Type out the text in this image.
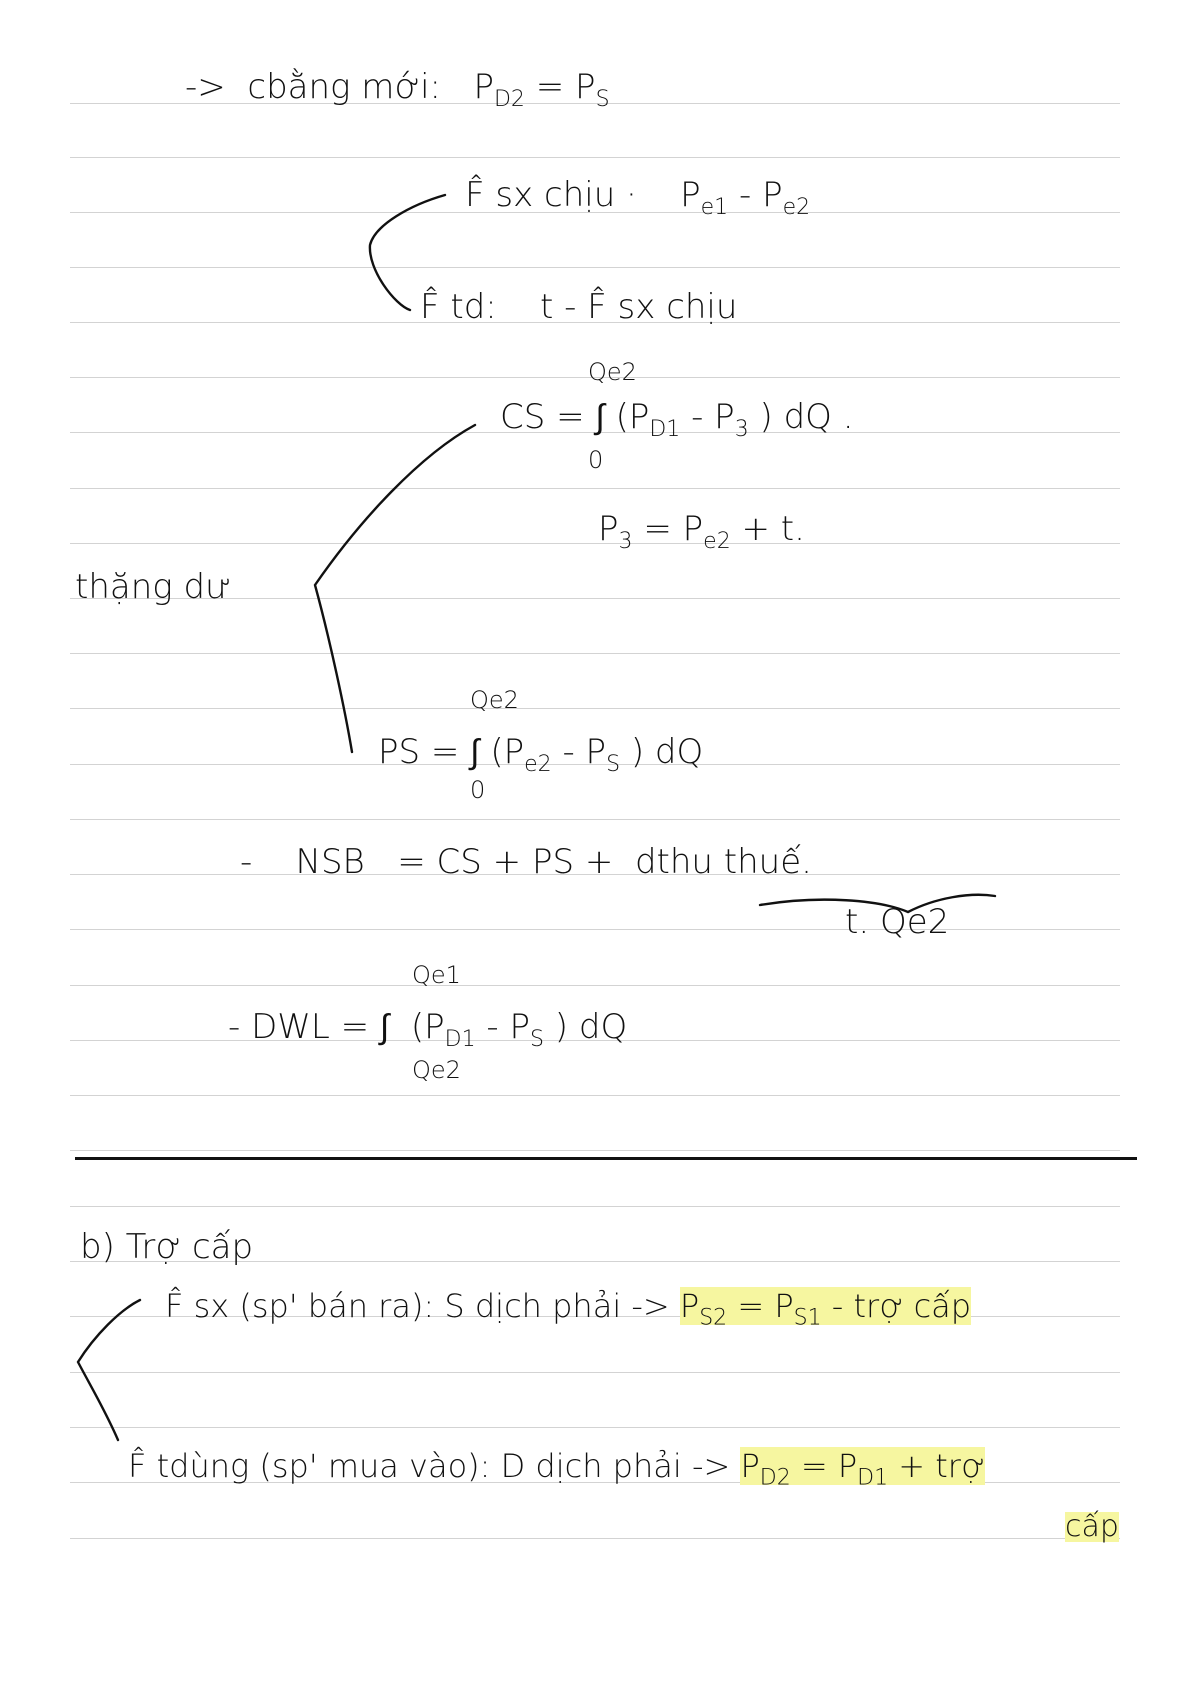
-> cbằng mới: $P_{D2} = P_S$
F̂ sx chịu · $P_{e1} - P_{e2}$
F̂ td: t - F̂ sx chịu
Qe2
0
CS = ∫ ($P_{D1} - P_3$ ) dQ .
$P_3 = P_{e2} + t$.
thặng dư
Qe2
0
PS = ∫ ($P_{e2} - P_S$ ) dQ
- NSB = CS + PS + dthu thuế.
t. Qe2
Qe1
Qe2
- DWL = ∫ ($P_{D1} - P_S$ ) dQ
b) Trợ cấp
F̂ sx (sp' bán ra): S dịch phải -> $P_{S2} = P_{S1}$ - trợ cấp
F̂ tdùng (sp' mua vào): D dịch phải -> $P_{D2} = P_{D1}$ + trợ
cấp
